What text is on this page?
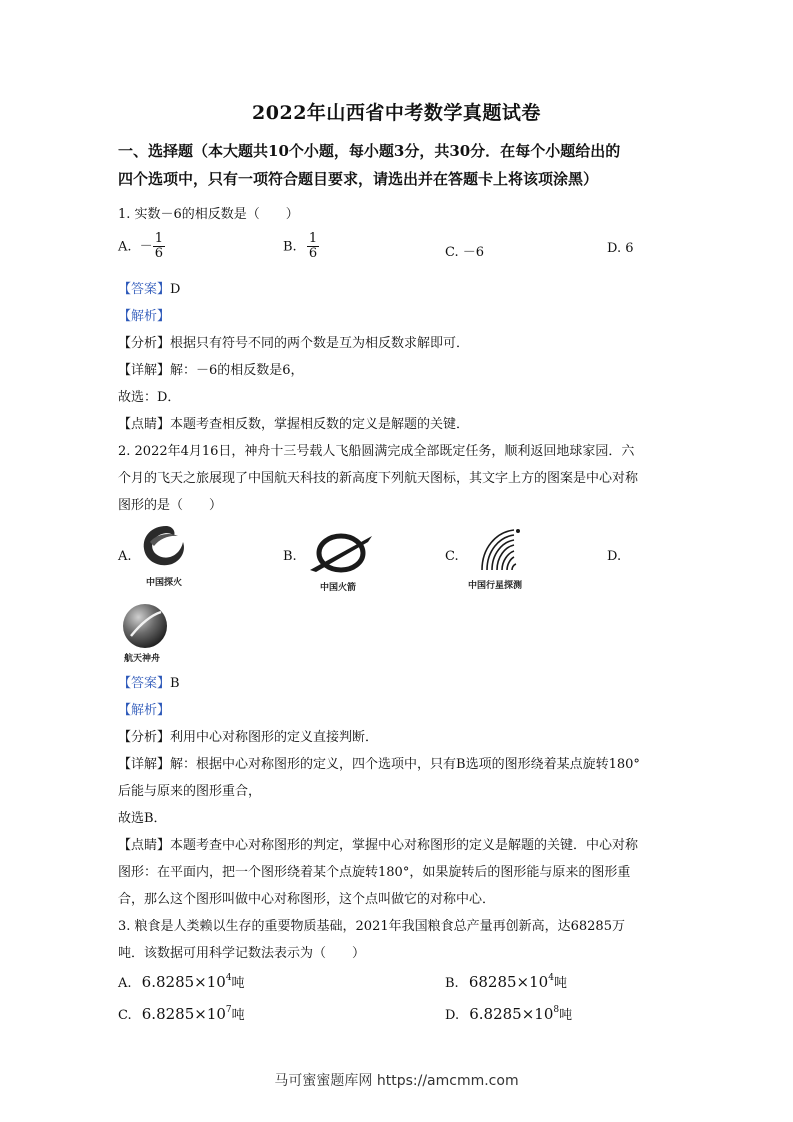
2022年山西省中考数学真题试卷
一、选择题（本大题共10个小题，每小题3分，共30分．在每个小题给出的
四个选项中，只有一项符合题目要求，请选出并在答题卡上将该项涂黑）
1. 实数－6的相反数是（　　）
A. － $\frac{1}{6}$	B. $\frac{1}{6}$	C. －6	D. 6
【答案】D
【解析】
【分析】根据只有符号不同的两个数是互为相反数求解即可．
【详解】解：－6的相反数是6，
故选：D．
【点睛】本题考查相反数，掌握相反数的定义是解题的关键．
2. 2022年4月16日，神舟十三号载人飞船圆满完成全部既定任务，顺利返回地球家园．六
个月的飞天之旅展现了中国航天科技的新高度下列航天图标，其文字上方的图案是中心对称
图形的是（　　）
A.
中国探火
B.
中国火箭
C.
中国行星探测
D.
航天神舟
【答案】B
【解析】
【分析】利用中心对称图形的定义直接判断．
【详解】解：根据中心对称图形的定义，四个选项中，只有B选项的图形绕着某点旋转180°
后能与原来的图形重合，
故选B．
【点睛】本题考查中心对称图形的判定，掌握中心对称图形的定义是解题的关键．中心对称
图形：在平面内，把一个图形绕着某个点旋转180°，如果旋转后的图形能与原来的图形重
合，那么这个图形叫做中心对称图形，这个点叫做它的对称中心．
3. 粮食是人类赖以生存的重要物质基础，2021年我国粮食总产量再创新高，达68285万
吨．该数据可用科学记数法表示为（　　）
A. $6.8285\times 10^4$吨	B. $68285\times 10^4$吨
C. $6.8285\times 10^7$吨	D. $6.8285\times 10^8$吨
马可蜜蜜题库网 https://amcmm.com
